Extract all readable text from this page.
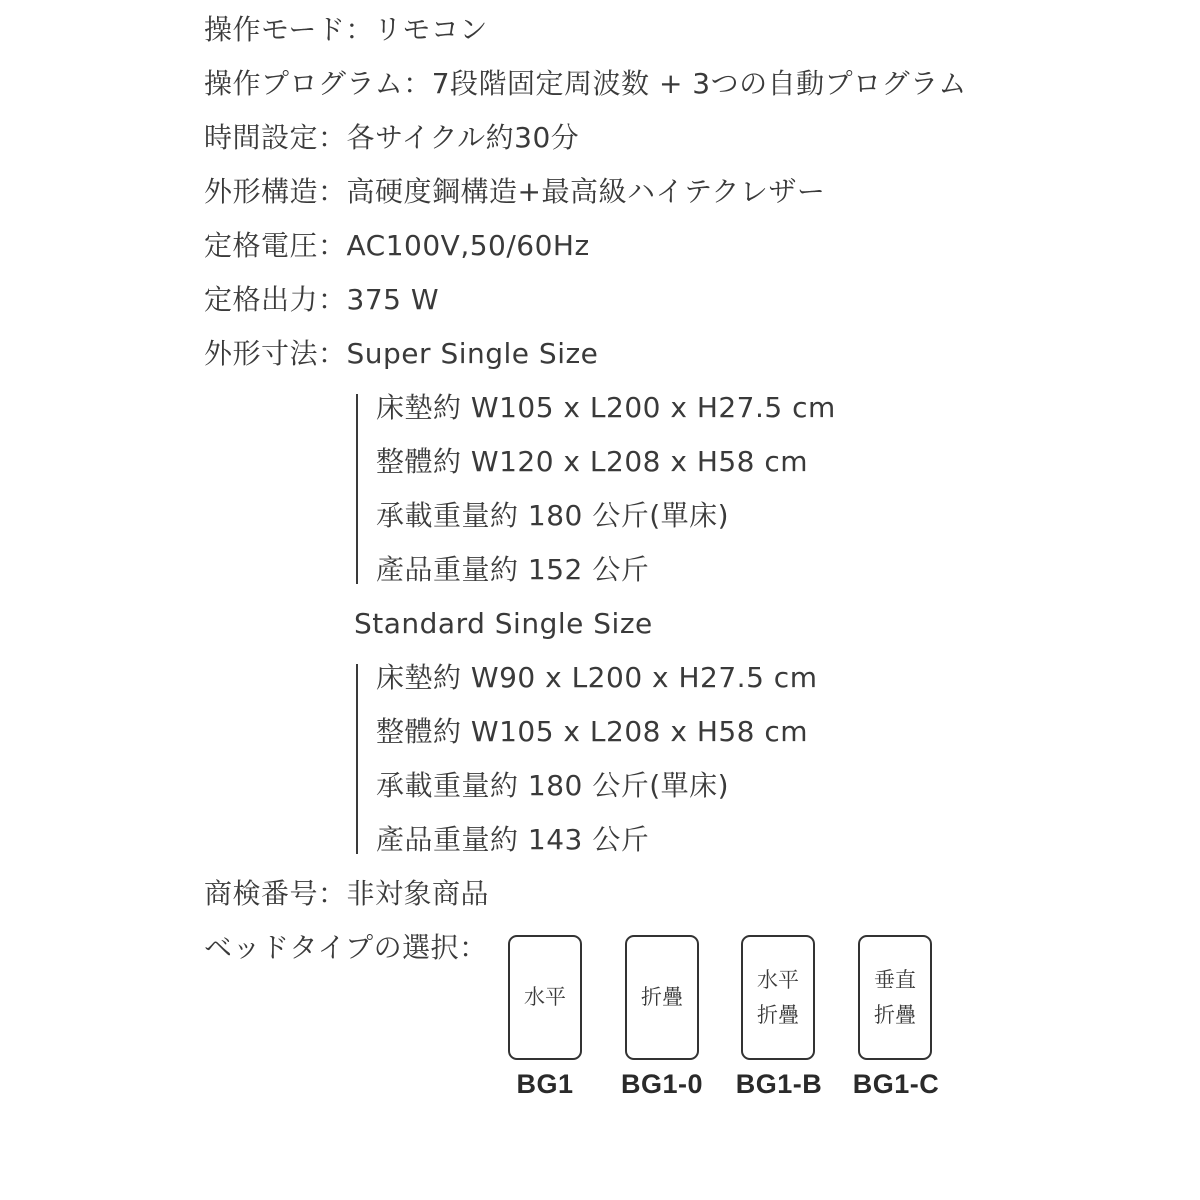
操作モード：リモコン
操作プログラム：7段階固定周波数 + 3つの自動プログラム
時間設定：各サイクル約30分
外形構造：高硬度鋼構造+最高級ハイテクレザー
定格電圧：AC100V,50/60Hz
定格出力：375 W
外形寸法：Super Single Size
床墊約 W105 x L200 x H27.5 cm
整體約 W120 x L208 x H58 cm
承載重量約 180 公斤(單床)
產品重量約 152 公斤
Standard Single Size
床墊約 W90 x L200 x H27.5 cm
整體約 W105 x L208 x H58 cm
承載重量約 180 公斤(單床)
產品重量約 143 公斤
商検番号：非対象商品
ベッドタイプの選択：
水平	折疊
水平
折疊
垂直
折疊
BG1	BG1-0	BG1-B	BG1-C
